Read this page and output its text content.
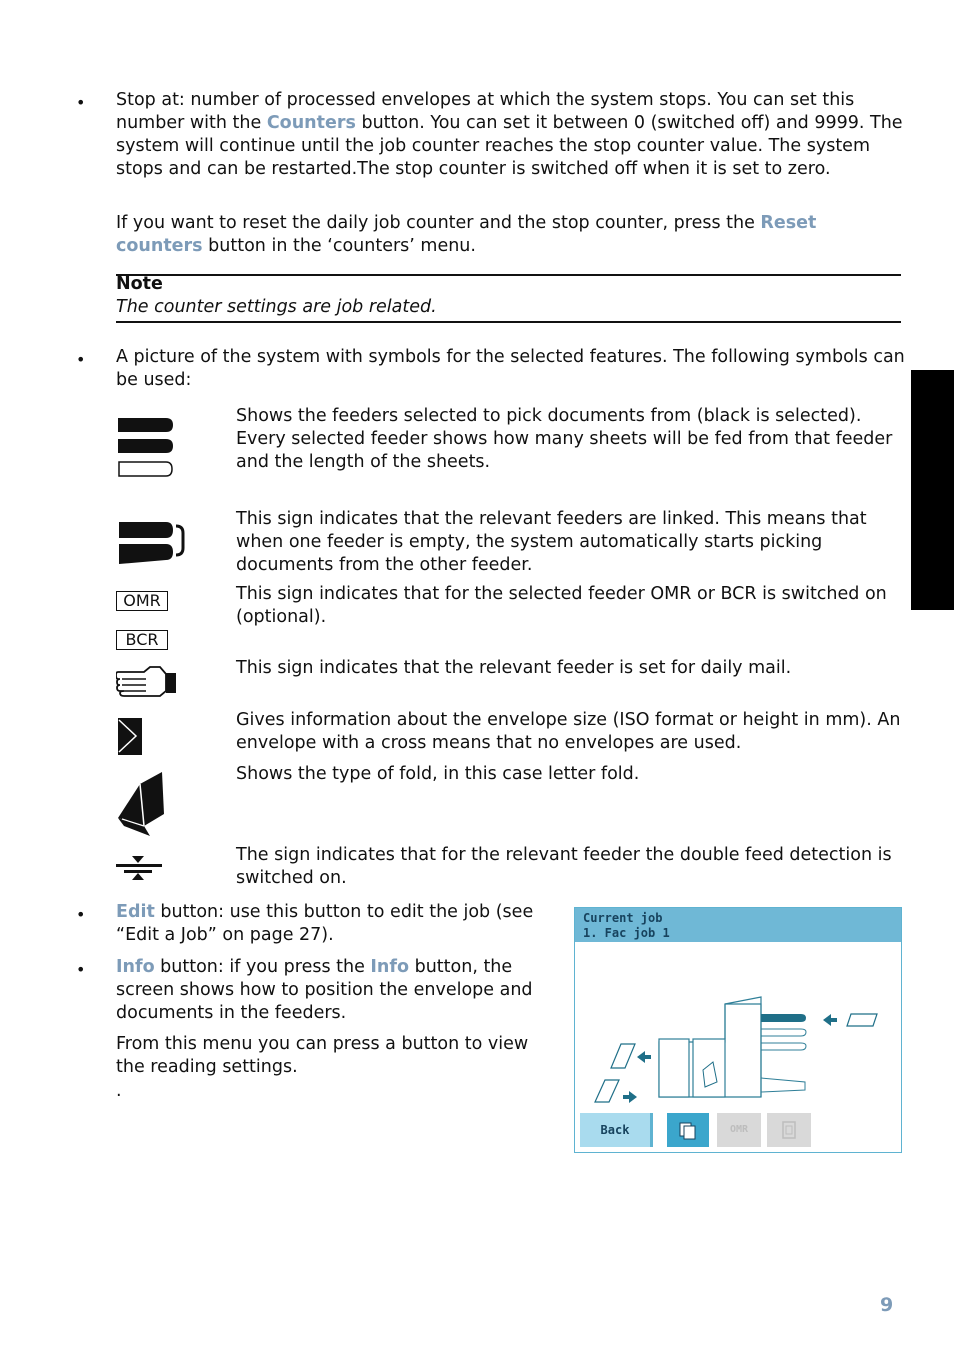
• Stop at: number of processed envelopes at which the system stops. You can set this number with the Counters button. You can set it between 0 (switched off) and 9999. The system will continue until the job counter reaches the stop counter value. The system stops and can be restarted.The stop counter is switched off when it is set to zero.
If you want to reset the daily job counter and the stop counter, press the Reset counters button in the ‘counters’ menu.
Note
The counter settings are job related.
• A picture of the system with symbols for the selected features. The following symbols can be used:
Shows the feeders selected to pick documents from (black is selected). Every selected feeder shows how many sheets will be fed from that feeder and the length of the sheets.
This sign indicates that the relevant feeders are linked. This means that when one feeder is empty, the system automatically starts picking documents from the other feeder.
OMR
BCR
This sign indicates that for the selected feeder OMR or BCR is switched on (optional).
This sign indicates that the relevant feeder is set for daily mail.
Gives information about the envelope size (ISO format or height in mm). An envelope with a cross means that no envelopes are used.
Shows the type of fold, in this case letter fold.
The sign indicates that for the relevant feeder the double feed detection is switched on.
• Edit button: use this button to edit the job (see “Edit a Job” on page 27).
• Info button: if you press the Info button, the screen shows how to position the envelope and documents in the feeders.
From this menu you can press a button to view the reading settings.
.
Current job
1. Fac job 1
Back	OMR
9
